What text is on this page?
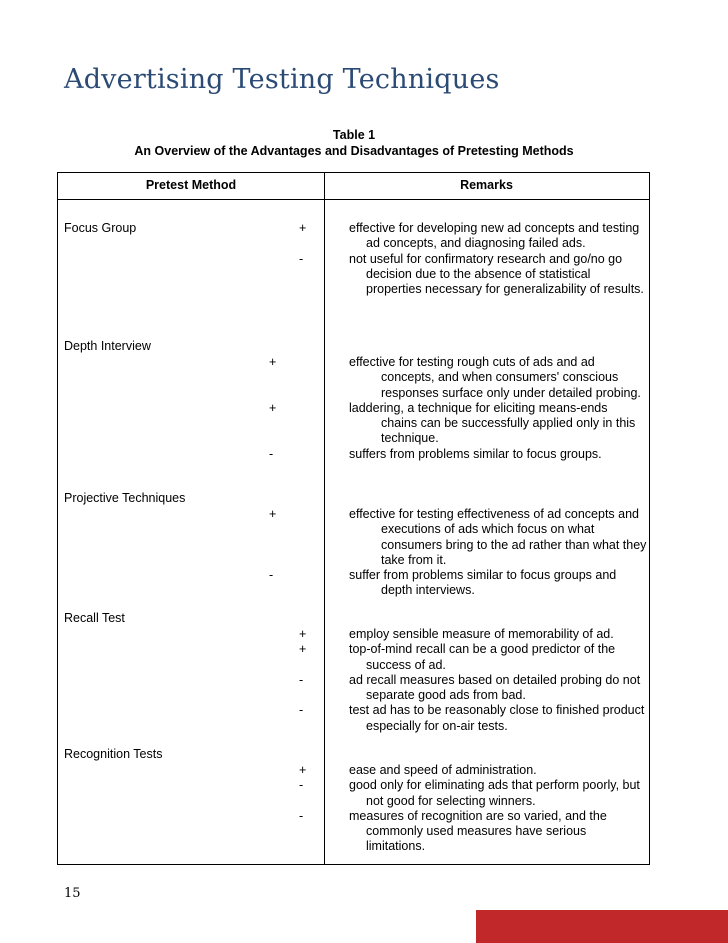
Advertising Testing Techniques
Table 1
An Overview of the Advantages and Disadvantages of Pretesting Methods
Pretest Method	Remarks
Focus Group	+	effective for developing new ad concepts and testing ad concepts, and diagnosing failed ads.

-	not useful for confirmatory research and go/no go decision due to the absence of statistical properties necessary for generalizability of results.

Depth Interview

+	effective for testing rough cuts of ads and ad concepts, and when consumers' conscious responses surface only under detailed probing.

+	laddering, a technique for eliciting means-ends chains can be successfully applied only in this technique.

-	suffers from problems similar to focus groups.

Projective Techniques

+	effective for testing effectiveness of ad concepts and executions of ads which focus on what consumers bring to the ad rather than what they take from it.

-	suffer from problems similar to focus groups and depth interviews.

Recall Test

+	employ sensible measure of memorability of ad.

+	top-of-mind recall can be a good predictor of the success of ad.

-	ad recall measures based on detailed probing do not separate good ads from bad.

-	test ad has to be reasonably close to finished product especially for on-air tests.

Recognition Tests

+	ease and speed of administration.

-	good only for eliminating ads that perform poorly, but not good for selecting winners.

-	measures of recognition are so varied, and the commonly used measures have serious limitations.

15
